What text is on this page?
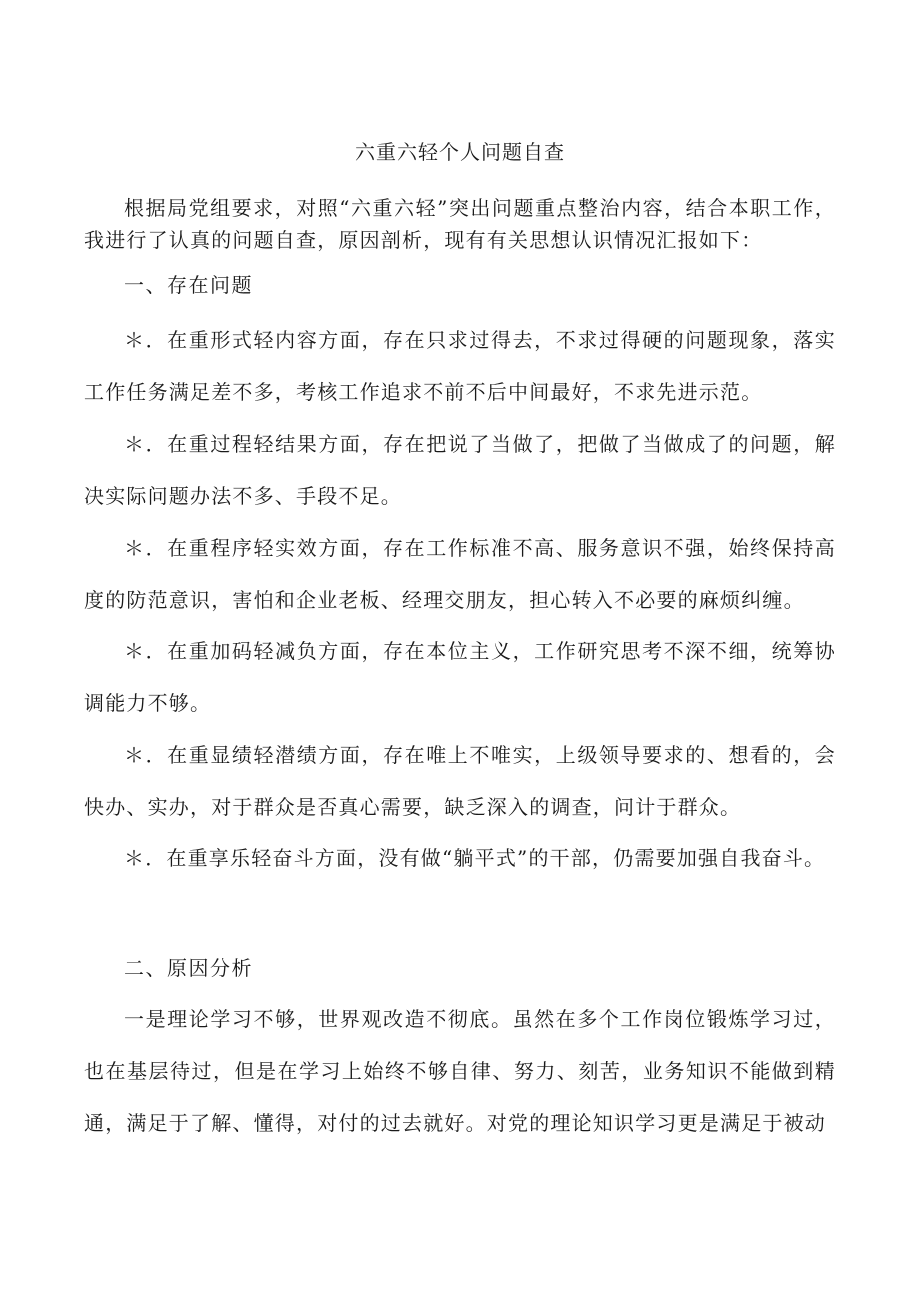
六重六轻个人问题自查

根据局党组要求，对照“六重六轻”突出问题重点整治内容，结合本职工作，我进行了认真的问题自查，原因剖析，现有有关思想认识情况汇报如下：

一、存在问题

＊．在重形式轻内容方面，存在只求过得去，不求过得硬的问题现象，落实工作任务满足差不多，考核工作追求不前不后中间最好，不求先进示范。

＊．在重过程轻结果方面，存在把说了当做了，把做了当做成了的问题，解决实际问题办法不多、手段不足。

＊．在重程序轻实效方面，存在工作标准不高、服务意识不强，始终保持高度的防范意识，害怕和企业老板、经理交朋友，担心转入不必要的麻烦纠缠。

＊．在重加码轻减负方面，存在本位主义，工作研究思考不深不细，统筹协调能力不够。

＊．在重显绩轻潜绩方面，存在唯上不唯实，上级领导要求的、想看的，会快办、实办，对于群众是否真心需要，缺乏深入的调查，问计于群众。

＊．在重享乐轻奋斗方面，没有做“躺平式”的干部，仍需要加强自我奋斗。

二、原因分析

一是理论学习不够，世界观改造不彻底。虽然在多个工作岗位锻炼学习过，也在基层待过，但是在学习上始终不够自律、努力、刻苦，业务知识不能做到精通，满足于了解、懂得，对付的过去就好。对党的理论知识学习更是满足于被动
